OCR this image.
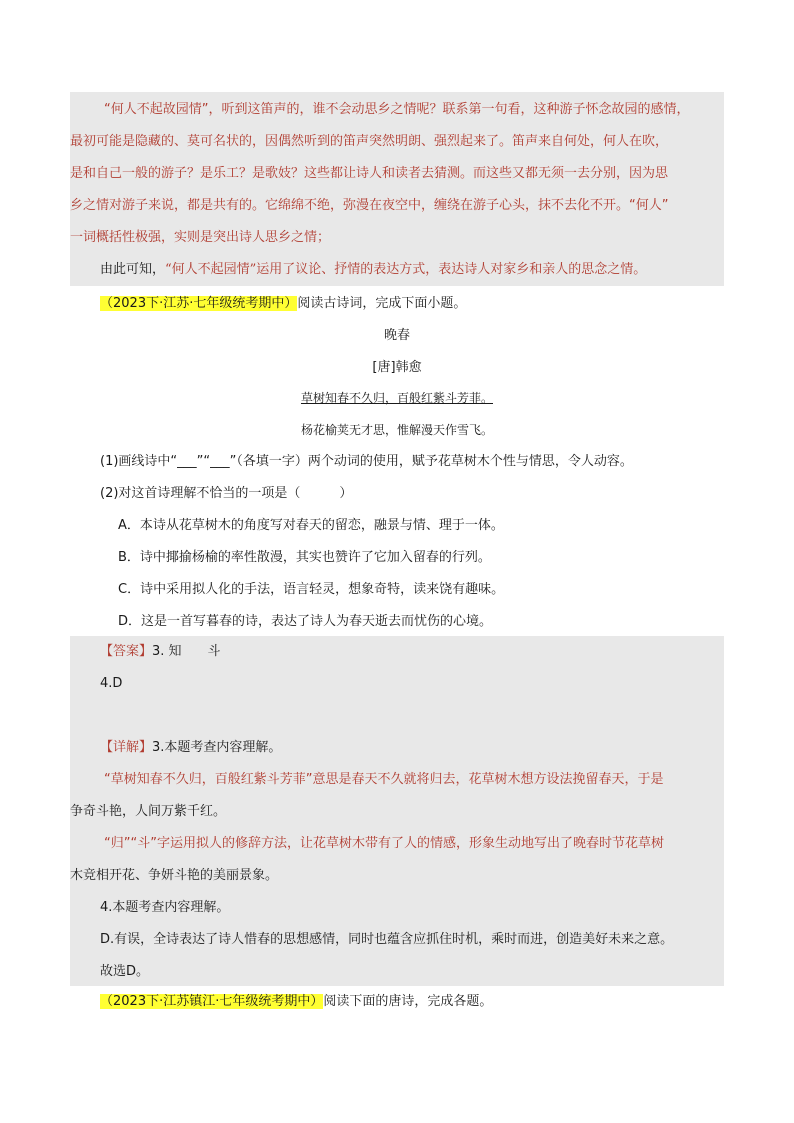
“何人不起故园情”，听到这笛声的，谁不会动思乡之情呢？联系第一句看，这种游子怀念故园的感情，
最初可能是隐藏的、莫可名状的，因偶然听到的笛声突然明朗、强烈起来了。笛声来自何处，何人在吹，
是和自己一般的游子？是乐工？是歌妓？这些都让诗人和读者去猜测。而这些又都无须一去分别，因为思
乡之情对游子来说，都是共有的。它绵绵不绝，弥漫在夜空中，缠绕在游子心头，抹不去化不开。“何人”
一词概括性极强，实则是突出诗人思乡之情；
由此可知，“何人不起园情”运用了议论、抒情的表达方式，表达诗人对家乡和亲人的思念之情。
（2023下·江苏·七年级统考期中）阅读古诗词，完成下面小题。
晚春
[唐]韩愈
草树知春不久归，百般红紫斗芳菲。
杨花榆荚无才思，惟解漫天作雪飞。
(1)画线诗中“___”“___”（各填一字）两个动词的使用，赋予花草树木个性与情思，令人动容。
(2)对这首诗理解不恰当的一项是（　　　）
A．本诗从花草树木的角度写对春天的留恋，融景与情、理于一体。
B．诗中揶揄杨榆的率性散漫，其实也赞许了它加入留春的行列。
C．诗中采用拟人化的手法，语言轻灵，想象奇特，读来饶有趣味。
D．这是一首写暮春的诗，表达了诗人为春天逝去而忧伤的心境。
【答案】3. 知　　斗
4.D
【详解】3.本题考查内容理解。
“草树知春不久归，百般红紫斗芳菲”意思是春天不久就将归去，花草树木想方设法挽留春天，于是
争奇斗艳，人间万紫千红。
“归”“斗”字运用拟人的修辞方法，让花草树木带有了人的情感，形象生动地写出了晚春时节花草树
木竞相开花、争妍斗艳的美丽景象。
4.本题考查内容理解。
D.有误，全诗表达了诗人惜春的思想感情，同时也蕴含应抓住时机，乘时而进，创造美好未来之意。
故选D。
（2023下·江苏镇江·七年级统考期中）阅读下面的唐诗，完成各题。
